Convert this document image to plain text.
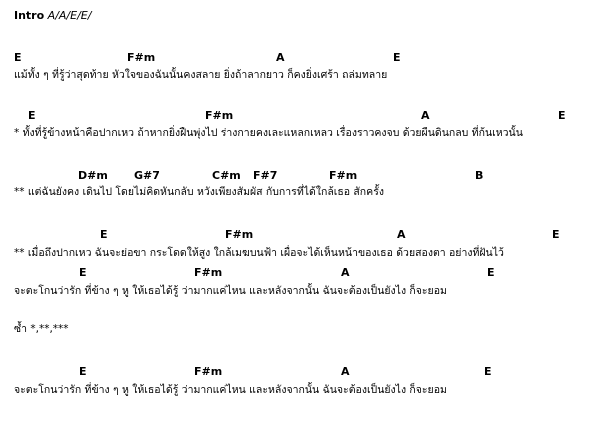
Intro A/A/E/E/
E	F#m	A	E
แม้ทั้ง ๆ ที่รู้ว่าสุดท้าย หัวใจของฉันนั้นคงสลาย ยิ่งถ้าลากยาว ก็คงยิ่งเศร้า ถล่มทลาย
E	F#m	A	E
* ทั้งที่รู้ข้างหน้าคือปากเหว ถ้าหากยิ่งฝืนพุ่งไป ร่างกายคงเละแหลกเหลว เรื่องราวคงจบ ด้วยผืนดินกลบ ที่ก้นเหวนั้น
D#m G#7	C#m F#7	F#m	B
** แต่ฉันยังคง เดินไป โดยไม่คิดหันกลับ หวังเพียงสัมผัส กับการที่ได้ใกล้เธอ สักครั้ง
E	F#m	A	E
** เมื่อถึงปากเหว ฉันจะย่อขา กระโดดให้สูง ใกล้เมฆบนฟ้า เผื่อจะได้เห็นหน้าของเธอ ด้วยสองตา อย่างที่ฝันไว้
E	F#m	A	E
จะตะโกนว่ารัก ที่ข้าง ๆ หู ให้เธอได้รู้ ว่ามากแค่ไหน และหลังจากนั้น ฉันจะต้องเป็นยังไง ก็จะยอม
ซ้ำ *,**,***
E	F#m	A	E
จะตะโกนว่ารัก ที่ข้าง ๆ หู ให้เธอได้รู้ ว่ามากแค่ไหน และหลังจากนั้น ฉันจะต้องเป็นยังไง ก็จะยอม
